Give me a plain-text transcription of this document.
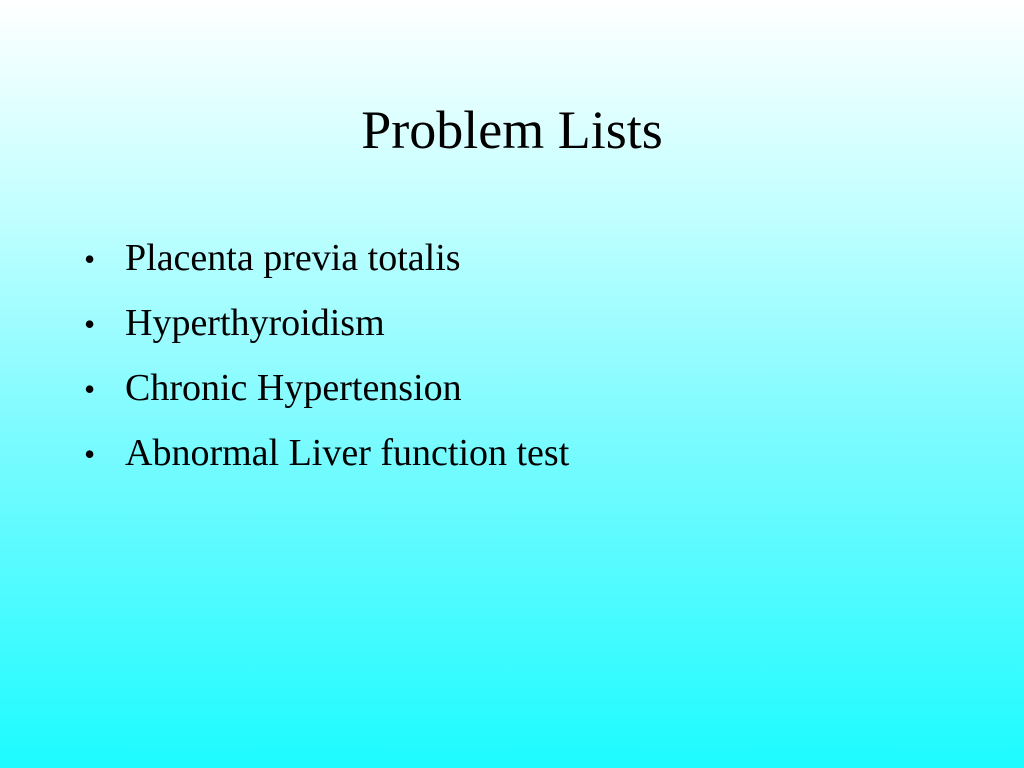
Problem Lists
• Placenta previa totalis
• Hyperthyroidism
• Chronic Hypertension
• Abnormal Liver function test
